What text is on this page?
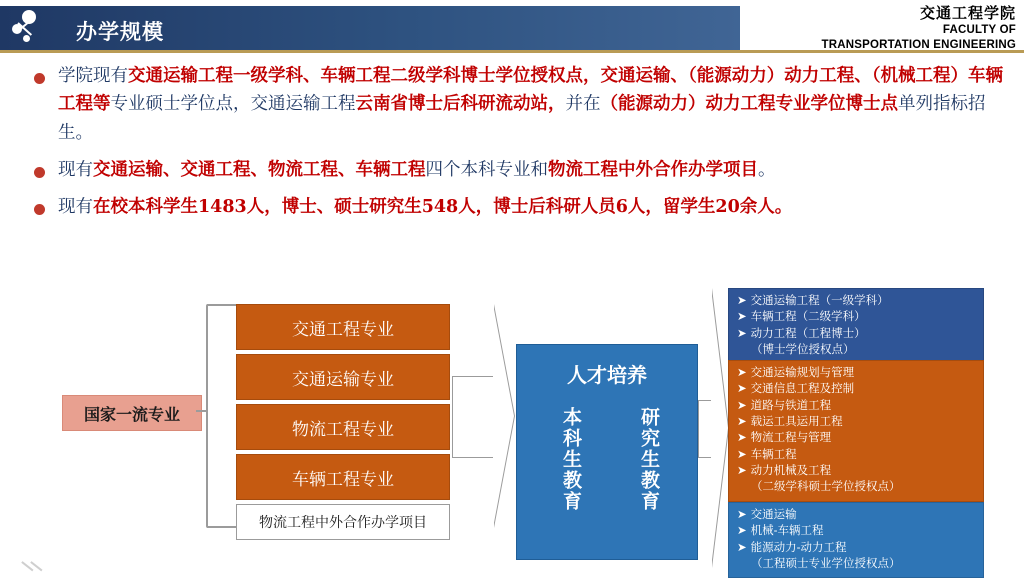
办学规模
交通工程学院
FACULTY OF
TRANSPORTATION ENGINEERING
学院现有交通运输工程一级学科、车辆工程二级学科博士学位授权点，交通运输、（能源动力）动力工程、（机械工程）车辆工程等专业硕士学位点，交通运输工程云南省博士后科研流动站，并在（能源动力）动力工程专业学位博士点单列指标招生。
现有交通运输、交通工程、物流工程、车辆工程四个本科专业和物流工程中外合作办学项目。
现有在校本科学生1483人，博士、硕士研究生548人，博士后科研人员6人，留学生20余人。
国家一流专业
交通工程专业
交通运输专业
物流工程专业
车辆工程专业
物流工程中外合作办学项目
人才培养
本科生教育	研究生教育
➤ 交通运输工程（一级学科）
➤ 车辆工程（二级学科）
➤ 动力工程（工程博士）
（博士学位授权点）
➤ 交通运输规划与管理
➤ 交通信息工程及控制
➤ 道路与铁道工程
➤ 载运工具运用工程
➤ 物流工程与管理
➤ 车辆工程
➤ 动力机械及工程
（二级学科硕士学位授权点）
➤ 交通运输
➤ 机械-车辆工程
➤ 能源动力-动力工程
（工程硕士专业学位授权点）
